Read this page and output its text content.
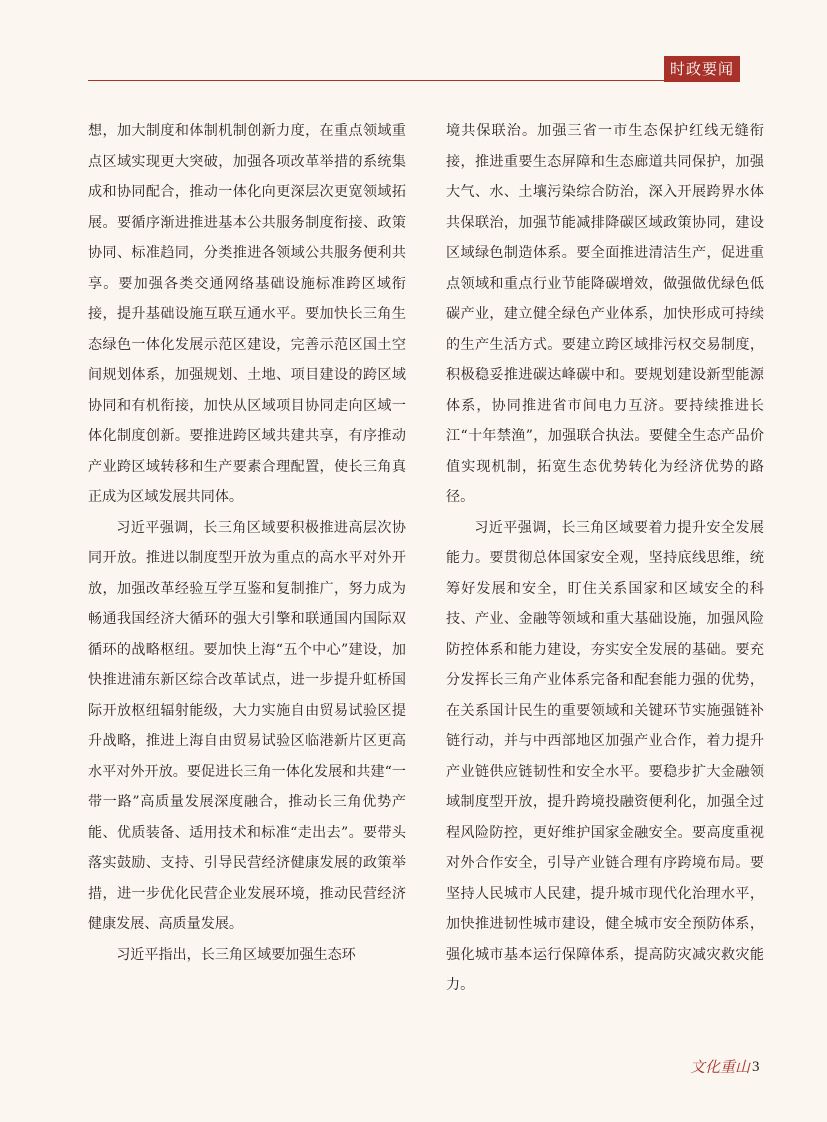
时政要闻

想，加大制度和体制机制创新力度，在重点领域重点区域实现更大突破，加强各项改革举措的系统集成和协同配合，推动一体化向更深层次更宽领域拓展。要循序渐进推进基本公共服务制度衔接、政策协同、标准趋同，分类推进各领域公共服务便利共享。要加强各类交通网络基础设施标准跨区域衔接，提升基础设施互联互通水平。要加快长三角生态绿色一体化发展示范区建设，完善示范区国土空间规划体系，加强规划、土地、项目建设的跨区域协同和有机衔接，加快从区域项目协同走向区域一体化制度创新。要推进跨区域共建共享，有序推动产业跨区域转移和生产要素合理配置，使长三角真正成为区域发展共同体。

习近平强调，长三角区域要积极推进高层次协同开放。推进以制度型开放为重点的高水平对外开放，加强改革经验互学互鉴和复制推广，努力成为畅通我国经济大循环的强大引擎和联通国内国际双循环的战略枢纽。要加快上海“五个中心”建设，加快推进浦东新区综合改革试点，进一步提升虹桥国际开放枢纽辐射能级，大力实施自由贸易试验区提升战略，推进上海自由贸易试验区临港新片区更高水平对外开放。要促进长三角一体化发展和共建“一带一路”高质量发展深度融合，推动长三角优势产能、优质装备、适用技术和标准“走出去”。要带头落实鼓励、支持、引导民营经济健康发展的政策举措，进一步优化民营企业发展环境，推动民营经济健康发展、高质量发展。

习近平指出，长三角区域要加强生态环

境共保联治。加强三省一市生态保护红线无缝衔接，推进重要生态屏障和生态廊道共同保护，加强大气、水、土壤污染综合防治，深入开展跨界水体共保联治，加强节能减排降碳区域政策协同，建设区域绿色制造体系。要全面推进清洁生产，促进重点领域和重点行业节能降碳增效，做强做优绿色低碳产业，建立健全绿色产业体系，加快形成可持续的生产生活方式。要建立跨区域排污权交易制度，积极稳妥推进碳达峰碳中和。要规划建设新型能源体系，协同推进省市间电力互济。要持续推进长江“十年禁渔”，加强联合执法。要健全生态产品价值实现机制，拓宽生态优势转化为经济优势的路径。

习近平强调，长三角区域要着力提升安全发展能力。要贯彻总体国家安全观，坚持底线思维，统筹好发展和安全，盯住关系国家和区域安全的科技、产业、金融等领域和重大基础设施，加强风险防控体系和能力建设，夯实安全发展的基础。要充分发挥长三角产业体系完备和配套能力强的优势，在关系国计民生的重要领域和关键环节实施强链补链行动，并与中西部地区加强产业合作，着力提升产业链供应链韧性和安全水平。要稳步扩大金融领域制度型开放，提升跨境投融资便利化，加强全过程风险防控，更好维护国家金融安全。要高度重视对外合作安全，引导产业链合理有序跨境布局。要坚持人民城市人民建，提升城市现代化治理水平，加快推进韧性城市建设，健全城市安全预防体系，强化城市基本运行保障体系，提高防灾减灾救灾能力。

文化重山 3
